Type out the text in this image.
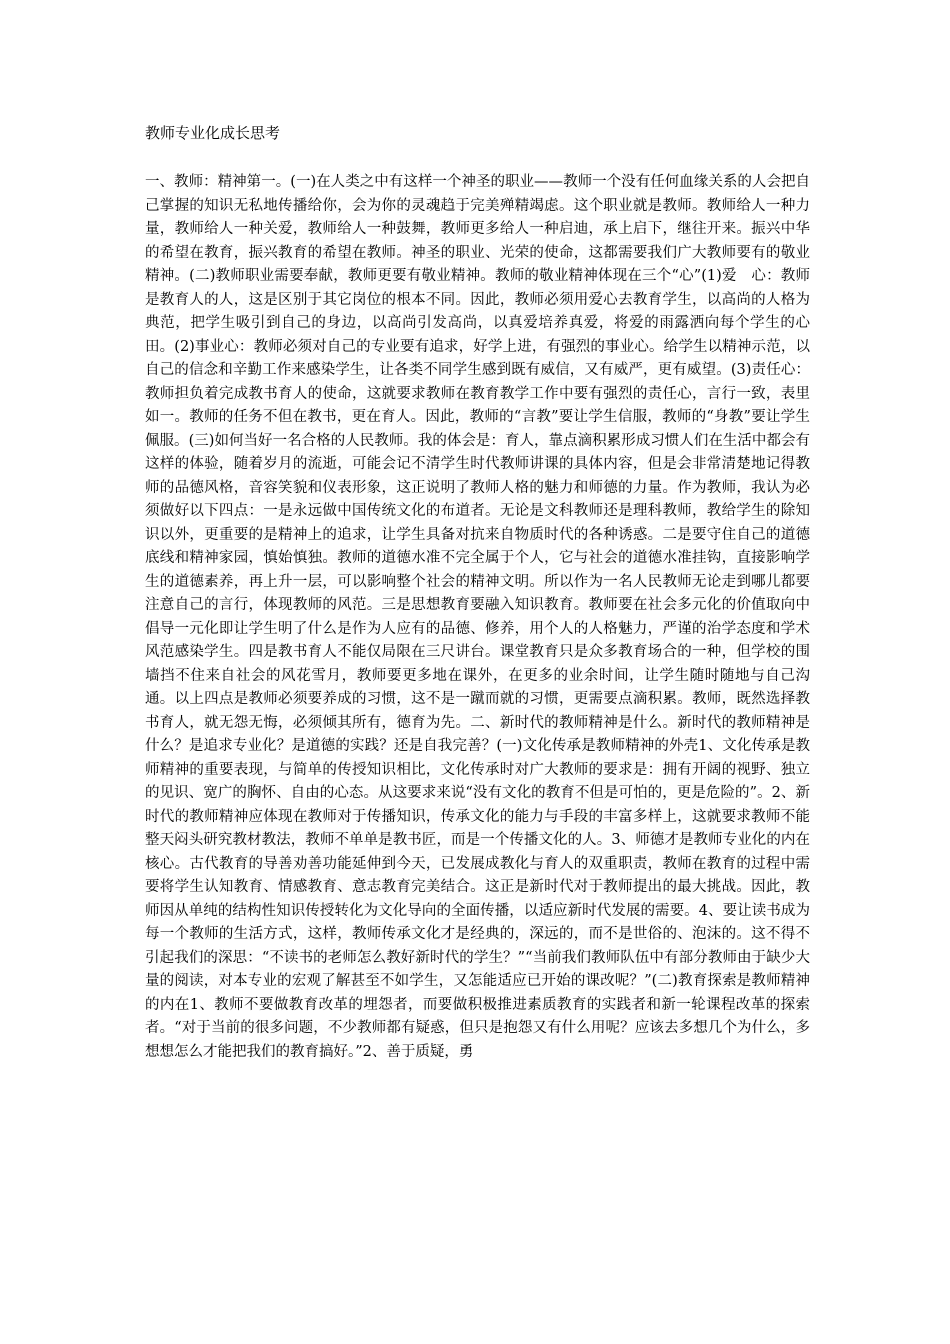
教师专业化成长思考

一、教师：精神第一。(一)在人类之中有这样一个神圣的职业——教师一个没有任何血缘关系的人会把自己掌握的知识无私地传播给你，会为你的灵魂趋于完美殚精竭虑。这个职业就是教师。教师给人一种力量，教师给人一种关爱，教师给人一种鼓舞，教师更多给人一种启迪，承上启下，继往开来。振兴中华的希望在教育，振兴教育的希望在教师。神圣的职业、光荣的使命，这都需要我们广大教师要有的敬业精神。(二)教师职业需要奉献，教师更要有敬业精神。教师的敬业精神体现在三个“心”(1)爱　心：教师是教育人的人，这是区别于其它岗位的根本不同。因此，教师必须用爱心去教育学生，以高尚的人格为典范，把学生吸引到自己的身边，以高尚引发高尚，以真爱培养真爱，将爱的雨露洒向每个学生的心田。(2)事业心：教师必须对自己的专业要有追求，好学上进，有强烈的事业心。给学生以精神示范，以自己的信念和辛勤工作来感染学生，让各类不同学生感到既有威信，又有威严，更有威望。(3)责任心：教师担负着完成教书育人的使命，这就要求教师在教育教学工作中要有强烈的责任心，言行一致，表里如一。教师的任务不但在教书，更在育人。因此，教师的“言教”要让学生信服，教师的“身教”要让学生佩服。(三)如何当好一名合格的人民教师。我的体会是：育人，靠点滴积累形成习惯人们在生活中都会有这样的体验，随着岁月的流逝，可能会记不清学生时代教师讲课的具体内容，但是会非常清楚地记得教师的品德风格，音容笑貌和仪表形象，这正说明了教师人格的魅力和师德的力量。作为教师，我认为必须做好以下四点：一是永远做中国传统文化的布道者。无论是文科教师还是理科教师，教给学生的除知识以外，更重要的是精神上的追求，让学生具备对抗来自物质时代的各种诱惑。二是要守住自己的道德底线和精神家园，慎始慎独。教师的道德水准不完全属于个人，它与社会的道德水准挂钩，直接影响学生的道德素养，再上升一层，可以影响整个社会的精神文明。所以作为一名人民教师无论走到哪儿都要注意自己的言行，体现教师的风范。三是思想教育要融入知识教育。教师要在社会多元化的价值取向中倡导一元化即让学生明了什么是作为人应有的品德、修养，用个人的人格魅力，严谨的治学态度和学术风范感染学生。四是教书育人不能仅局限在三尺讲台。课堂教育只是众多教育场合的一种，但学校的围墙挡不住来自社会的风花雪月，教师要更多地在课外，在更多的业余时间，让学生随时随地与自己沟通。以上四点是教师必须要养成的习惯，这不是一蹴而就的习惯，更需要点滴积累。教师，既然选择教书育人，就无怨无悔，必须倾其所有，德育为先。二、新时代的教师精神是什么。新时代的教师精神是什么？是追求专业化？是道德的实践？还是自我完善？(一)文化传承是教师精神的外壳1、文化传承是教师精神的重要表现，与简单的传授知识相比，文化传承时对广大教师的要求是：拥有开阔的视野、独立的见识、宽广的胸怀、自由的心态。从这要求来说“没有文化的教育不但是可怕的，更是危险的”。2、新时代的教师精神应体现在教师对于传播知识，传承文化的能力与手段的丰富多样上，这就要求教师不能整天闷头研究教材教法，教师不单单是教书匠，而是一个传播文化的人。3、师德才是教师专业化的内在核心。古代教育的导善劝善功能延伸到今天，已发展成教化与育人的双重职责，教师在教育的过程中需要将学生认知教育、情感教育、意志教育完美结合。这正是新时代对于教师提出的最大挑战。因此，教师因从单纯的结构性知识传授转化为文化导向的全面传播，以适应新时代发展的需要。4、要让读书成为每一个教师的生活方式，这样，教师传承文化才是经典的，深远的，而不是世俗的、泡沫的。这不得不引起我们的深思：“不读书的老师怎么教好新时代的学生？”“当前我们教师队伍中有部分教师由于缺少大量的阅读，对本专业的宏观了解甚至不如学生，又怎能适应已开始的课改呢？”(二)教育探索是教师精神的内在1、教师不要做教育改革的埋怨者，而要做积极推进素质教育的实践者和新一轮课程改革的探索者。“对于当前的很多问题，不少教师都有疑惑，但只是抱怨又有什么用呢？应该去多想几个为什么，多想想怎么才能把我们的教育搞好。”2、善于质疑，勇
